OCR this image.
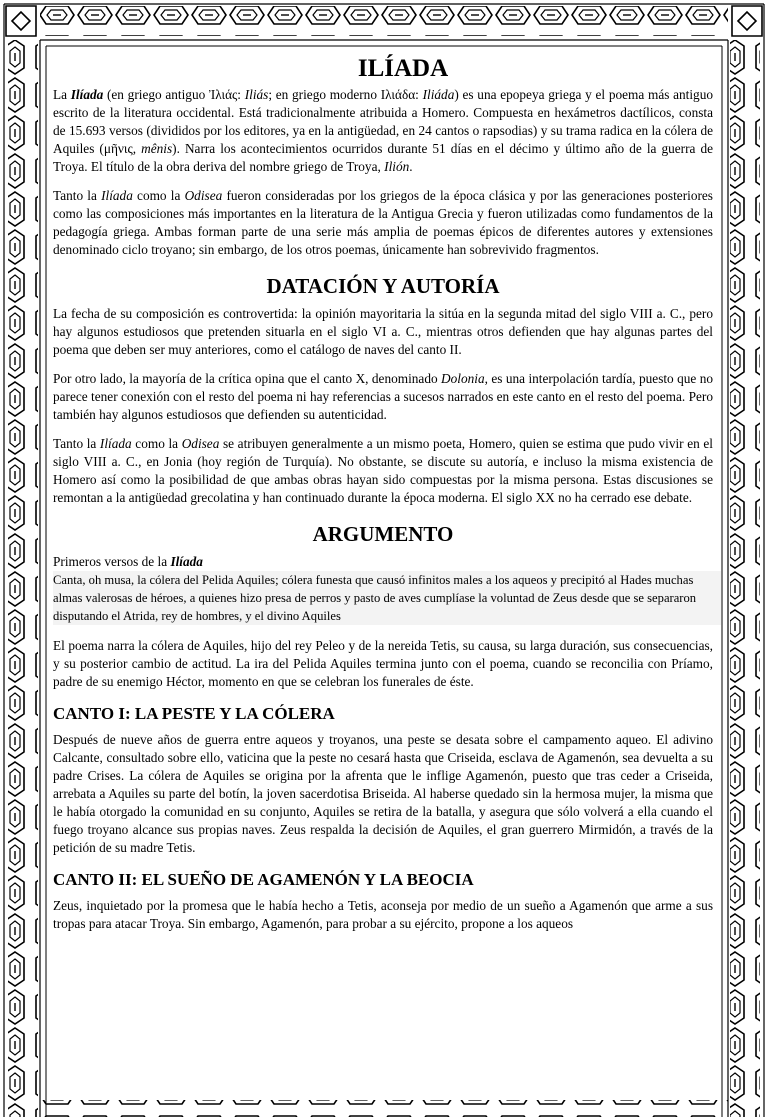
ILÍADA

La Ilíada (en griego antiguo Ἰλιάς: Iliás; en griego moderno Ιλιάδα: Iliáda) es una epopeya griega y el poema más antiguo escrito de la literatura occidental. Está tradicionalmente atribuida a Homero. Compuesta en hexámetros dactílicos, consta de 15.693 versos (divididos por los editores, ya en la antigüedad, en 24 cantos o rapsodias) y su trama radica en la cólera de Aquiles (μῆνις, mênis). Narra los acontecimientos ocurridos durante 51 días en el décimo y último año de la guerra de Troya. El título de la obra deriva del nombre griego de Troya, Ilión.

Tanto la Ilíada como la Odisea fueron consideradas por los griegos de la época clásica y por las generaciones posteriores como las composiciones más importantes en la literatura de la Antigua Grecia y fueron utilizadas como fundamentos de la pedagogía griega. Ambas forman parte de una serie más amplia de poemas épicos de diferentes autores y extensiones denominado ciclo troyano; sin embargo, de los otros poemas, únicamente han sobrevivido fragmentos.

DATACIÓN Y AUTORÍA

La fecha de su composición es controvertida: la opinión mayoritaria la sitúa en la segunda mitad del siglo VIII a. C., pero hay algunos estudiosos que pretenden situarla en el siglo VI a. C., mientras otros defienden que hay algunas partes del poema que deben ser muy anteriores, como el catálogo de naves del canto II.

Por otro lado, la mayoría de la crítica opina que el canto X, denominado Dolonia, es una interpolación tardía, puesto que no parece tener conexión con el resto del poema ni hay referencias a sucesos narrados en este canto en el resto del poema. Pero también hay algunos estudiosos que defienden su autenticidad.

Tanto la Ilíada como la Odisea se atribuyen generalmente a un mismo poeta, Homero, quien se estima que pudo vivir en el siglo VIII a. C., en Jonia (hoy región de Turquía). No obstante, se discute su autoría, e incluso la misma existencia de Homero así como la posibilidad de que ambas obras hayan sido compuestas por la misma persona. Estas discusiones se remontan a la antigüedad grecolatina y han continuado durante la época moderna. El siglo XX no ha cerrado ese debate.

ARGUMENTO

Primeros versos de la Ilíada

Canta, oh musa, la cólera del Pelida Aquiles; cólera funesta que causó infinitos males a los aqueos y precipitó al Hades muchas almas valerosas de héroes, a quienes hizo presa de perros y pasto de aves cumplíase la voluntad de Zeus desde que se separaron disputando el Atrida, rey de hombres, y el divino Aquiles

El poema narra la cólera de Aquiles, hijo del rey Peleo y de la nereida Tetis, su causa, su larga duración, sus consecuencias, y su posterior cambio de actitud. La ira del Pelida Aquiles termina junto con el poema, cuando se reconcilia con Príamo, padre de su enemigo Héctor, momento en que se celebran los funerales de éste.

CANTO I: LA PESTE Y LA CÓLERA

Después de nueve años de guerra entre aqueos y troyanos, una peste se desata sobre el campamento aqueo. El adivino Calcante, consultado sobre ello, vaticina que la peste no cesará hasta que Criseida, esclava de Agamenón, sea devuelta a su padre Crises. La cólera de Aquiles se origina por la afrenta que le inflige Agamenón, puesto que tras ceder a Criseida, arrebata a Aquiles su parte del botín, la joven sacerdotisa Briseida. Al haberse quedado sin la hermosa mujer, la misma que le había otorgado la comunidad en su conjunto, Aquiles se retira de la batalla, y asegura que sólo volverá a ella cuando el fuego troyano alcance sus propias naves. Zeus respalda la decisión de Aquiles, el gran guerrero Mirmidón, a través de la petición de su madre Tetis.

CANTO II: EL SUEÑO DE AGAMENÓN Y LA BEOCIA

Zeus, inquietado por la promesa que le había hecho a Tetis, aconseja por medio de un sueño a Agamenón que arme a sus tropas para atacar Troya. Sin embargo, Agamenón, para probar a su ejército, propone a los aqueos
